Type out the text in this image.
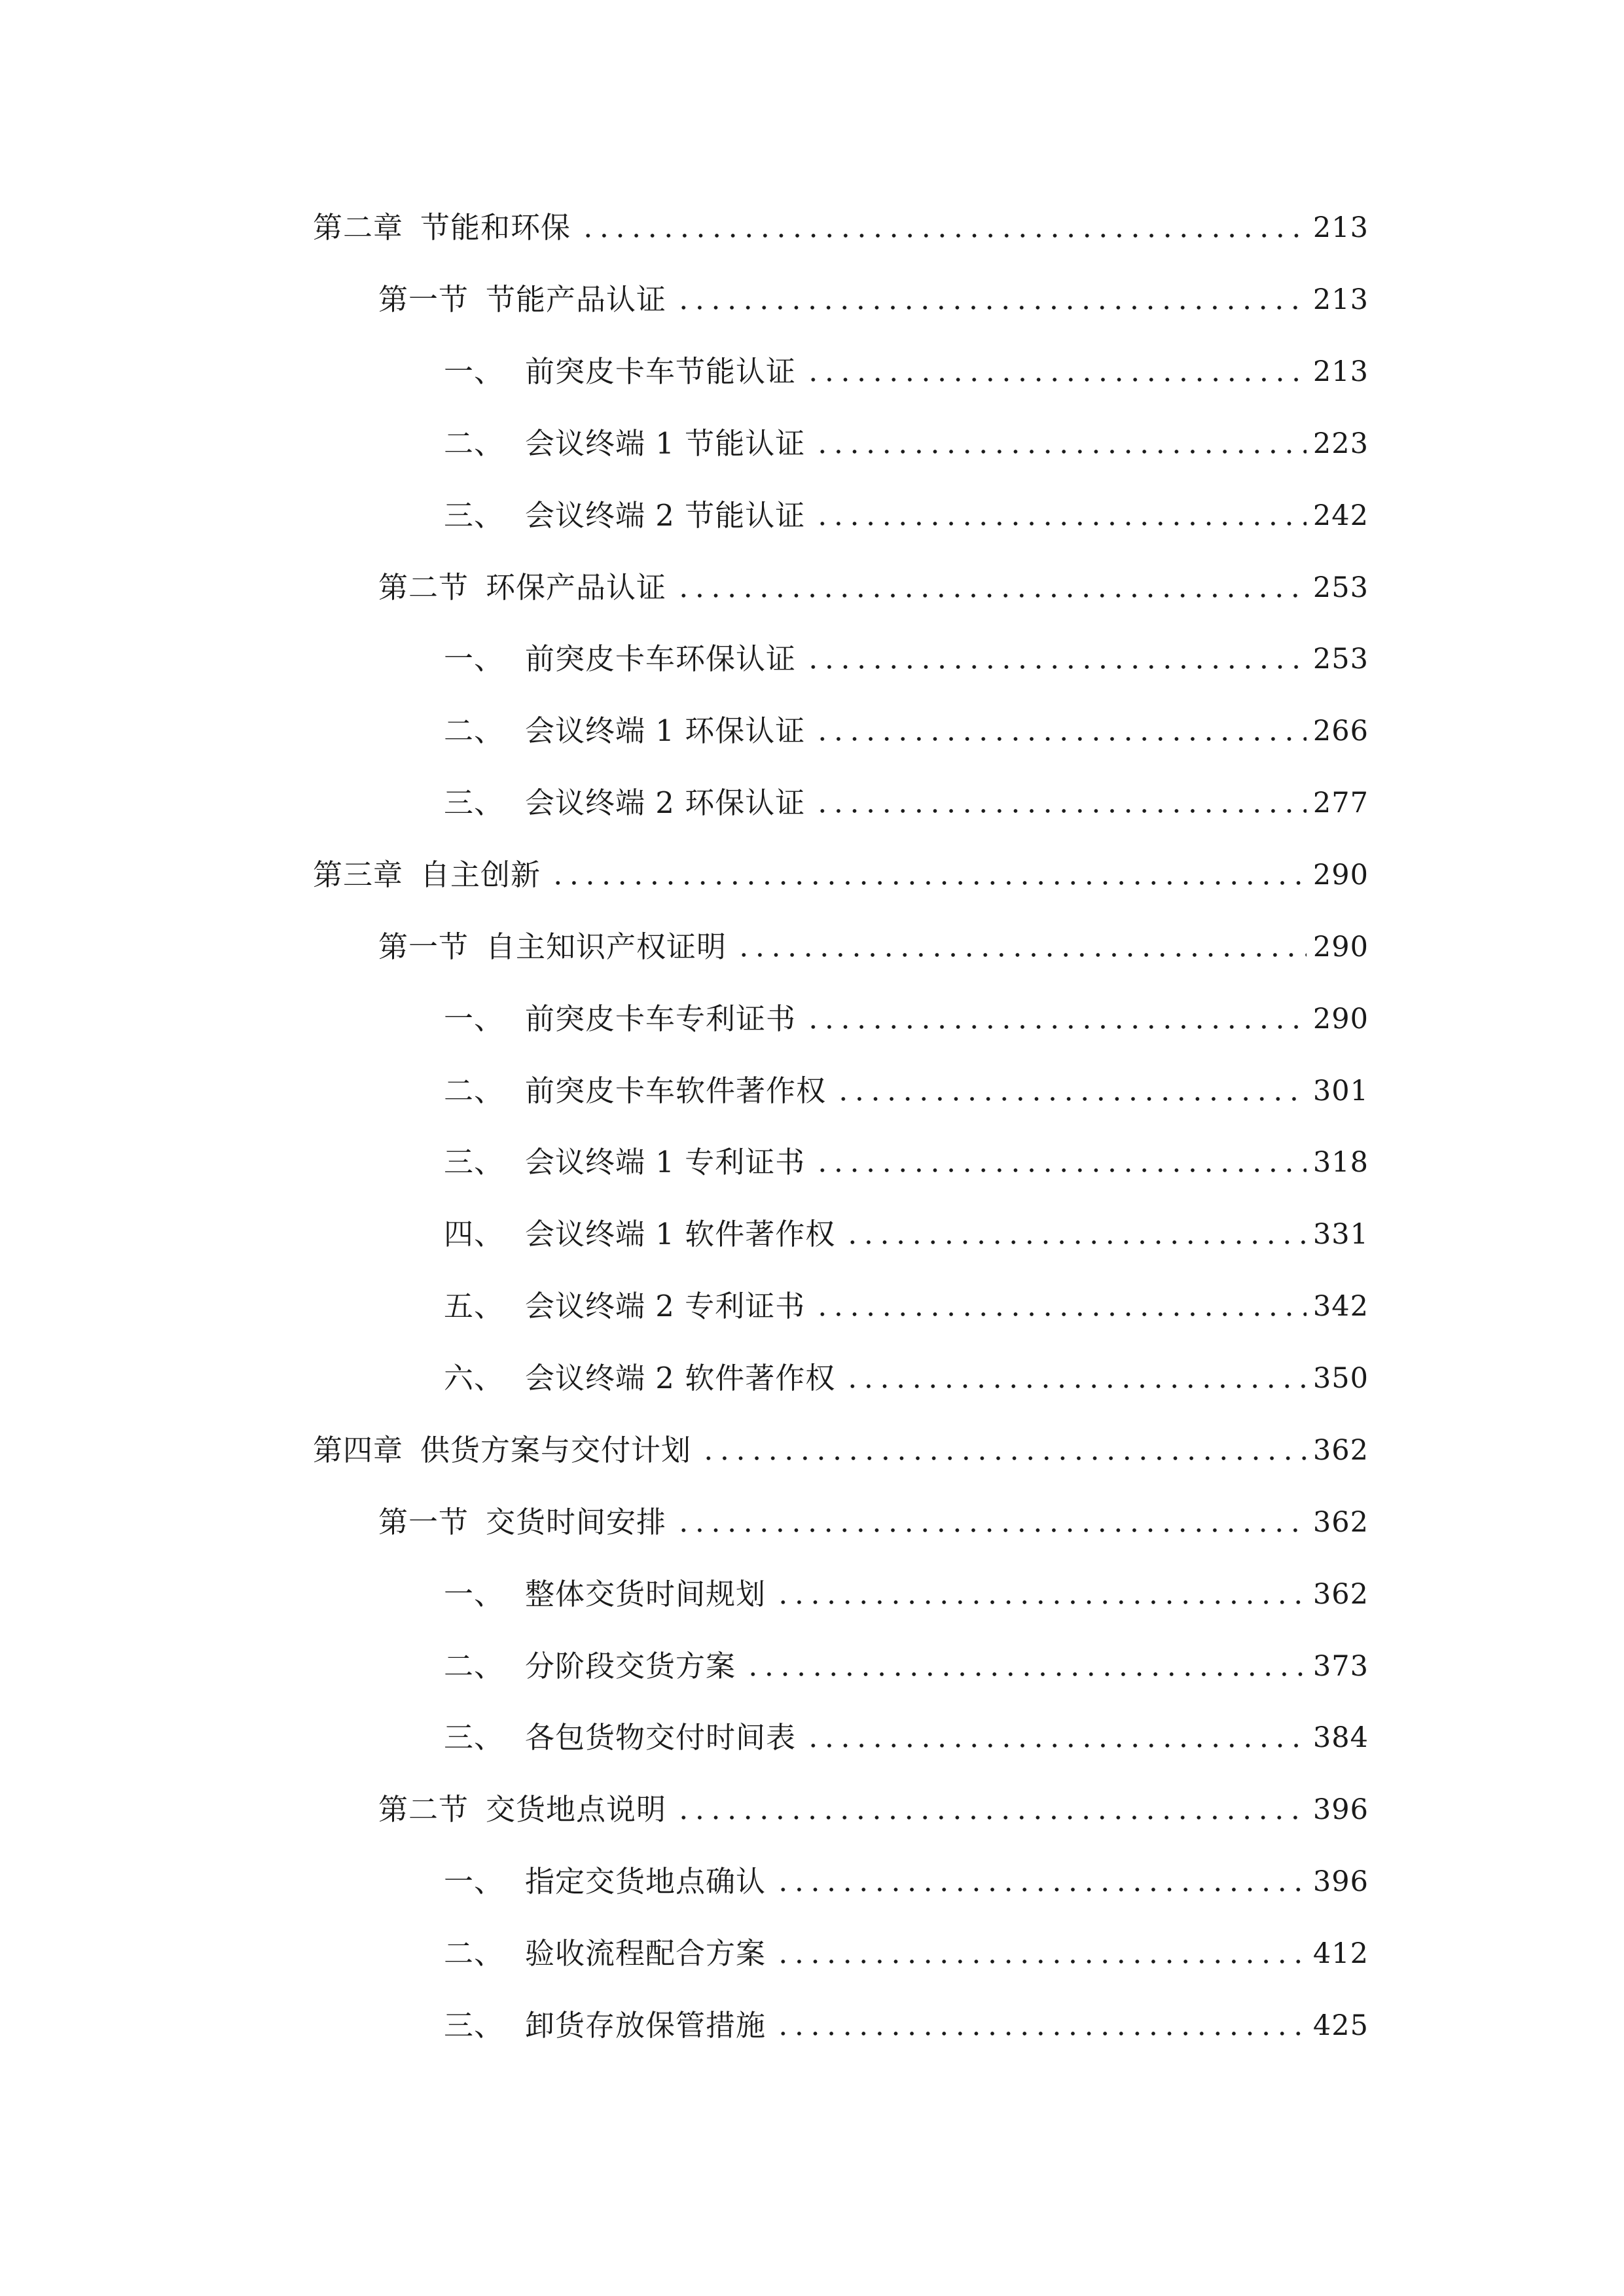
第二章 节能和环保	213
第一节 节能产品认证	213
一、 前突皮卡车节能认证	213
二、 会议终端 1 节能认证	223
三、 会议终端 2 节能认证	242
第二节 环保产品认证	253
一、 前突皮卡车环保认证	253
二、 会议终端 1 环保认证	266
三、 会议终端 2 环保认证	277
第三章 自主创新	290
第一节 自主知识产权证明	290
一、 前突皮卡车专利证书	290
二、 前突皮卡车软件著作权	301
三、 会议终端 1 专利证书	318
四、 会议终端 1 软件著作权	331
五、 会议终端 2 专利证书	342
六、 会议终端 2 软件著作权	350
第四章 供货方案与交付计划	362
第一节 交货时间安排	362
一、 整体交货时间规划	362
二、 分阶段交货方案	373
三、 各包货物交付时间表	384
第二节 交货地点说明	396
一、 指定交货地点确认	396
二、 验收流程配合方案	412
三、 卸货存放保管措施	425
